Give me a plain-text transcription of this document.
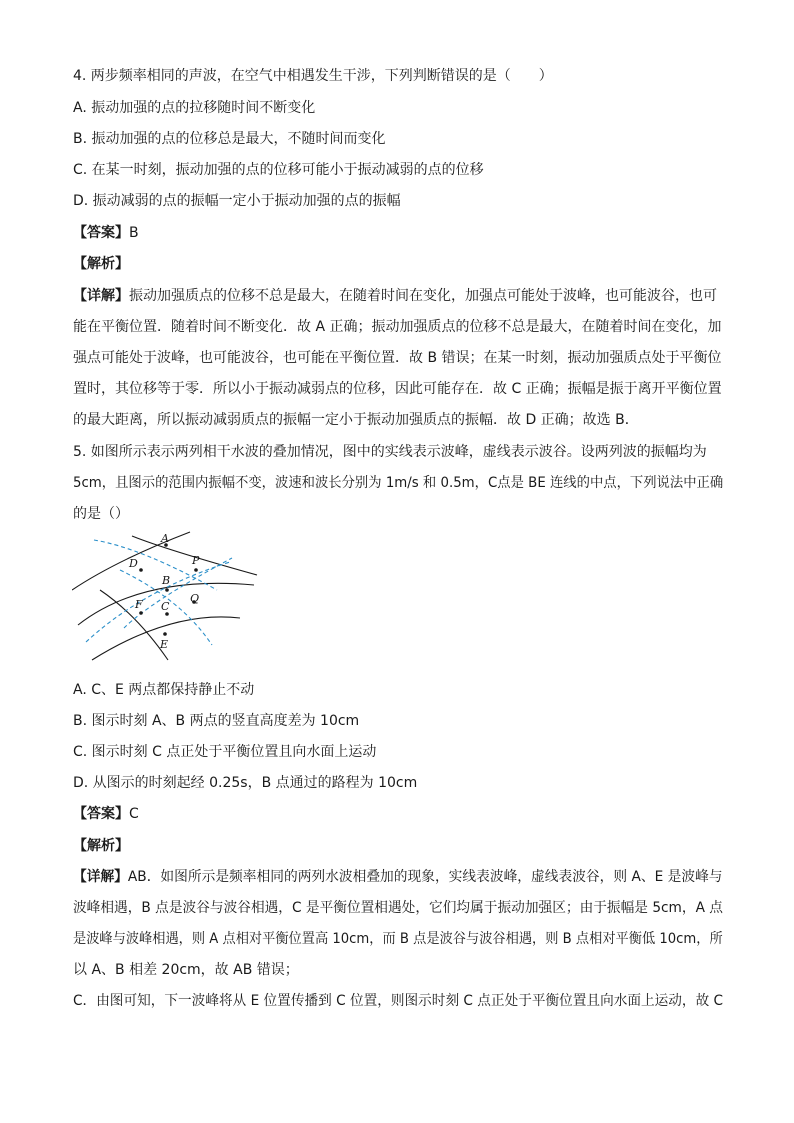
4. 两步频率相同的声波，在空气中相遇发生干涉，下列判断错误的是（　　）
A. 振动加强的点的拉移随时间不断变化
B. 振动加强的点的位移总是最大，不随时间而变化
C. 在某一时刻，振动加强的点的位移可能小于振动减弱的点的位移
D. 振动减弱的点的振幅一定小于振动加强的点的振幅
【答案】B
【解析】
【详解】振动加强质点的位移不总是最大，在随着时间在变化，加强点可能处于波峰，也可能波谷，也可
能在平衡位置．随着时间不断变化．故 A 正确；振动加强质点的位移不总是最大，在随着时间在变化，加
强点可能处于波峰，也可能波谷，也可能在平衡位置．故 B 错误；在某一时刻，振动加强质点处于平衡位
置时，其位移等于零．所以小于振动减弱点的位移，因此可能存在．故 C 正确；振幅是振于离开平衡位置
的最大距离，所以振动减弱质点的振幅一定小于振动加强质点的振幅．故 D 正确；故选 B．
5. 如图所示表示两列相干水波的叠加情况，图中的实线表示波峰，虚线表示波谷。设两列波的振幅均为
5cm，且图示的范围内振幅不变，波速和波长分别为 1m/s 和 0.5m，C点是 BE 连线的中点，下列说法中正确
的是（）
A
D	P
B
F C
Q
E
A. C、E 两点都保持静止不动
B. 图示时刻 A、B 两点的竖直高度差为 10cm
C. 图示时刻 C 点正处于平衡位置且向水面上运动
D. 从图示的时刻起经 0.25s，B 点通过的路程为 10cm
【答案】C
【解析】
【详解】AB．如图所示是频率相同的两列水波相叠加的现象，实线表波峰，虚线表波谷，则 A、E 是波峰与
波峰相遇，B 点是波谷与波谷相遇，C 是平衡位置相遇处，它们均属于振动加强区；由于振幅是 5cm，A 点
是波峰与波峰相遇，则 A 点相对平衡位置高 10cm，而 B 点是波谷与波谷相遇，则 B 点相对平衡低 10cm，所
以 A、B 相差 20cm，故 AB 错误；
C．由图可知，下一波峰将从 E 位置传播到 C 位置，则图示时刻 C 点正处于平衡位置且向水面上运动，故 C
